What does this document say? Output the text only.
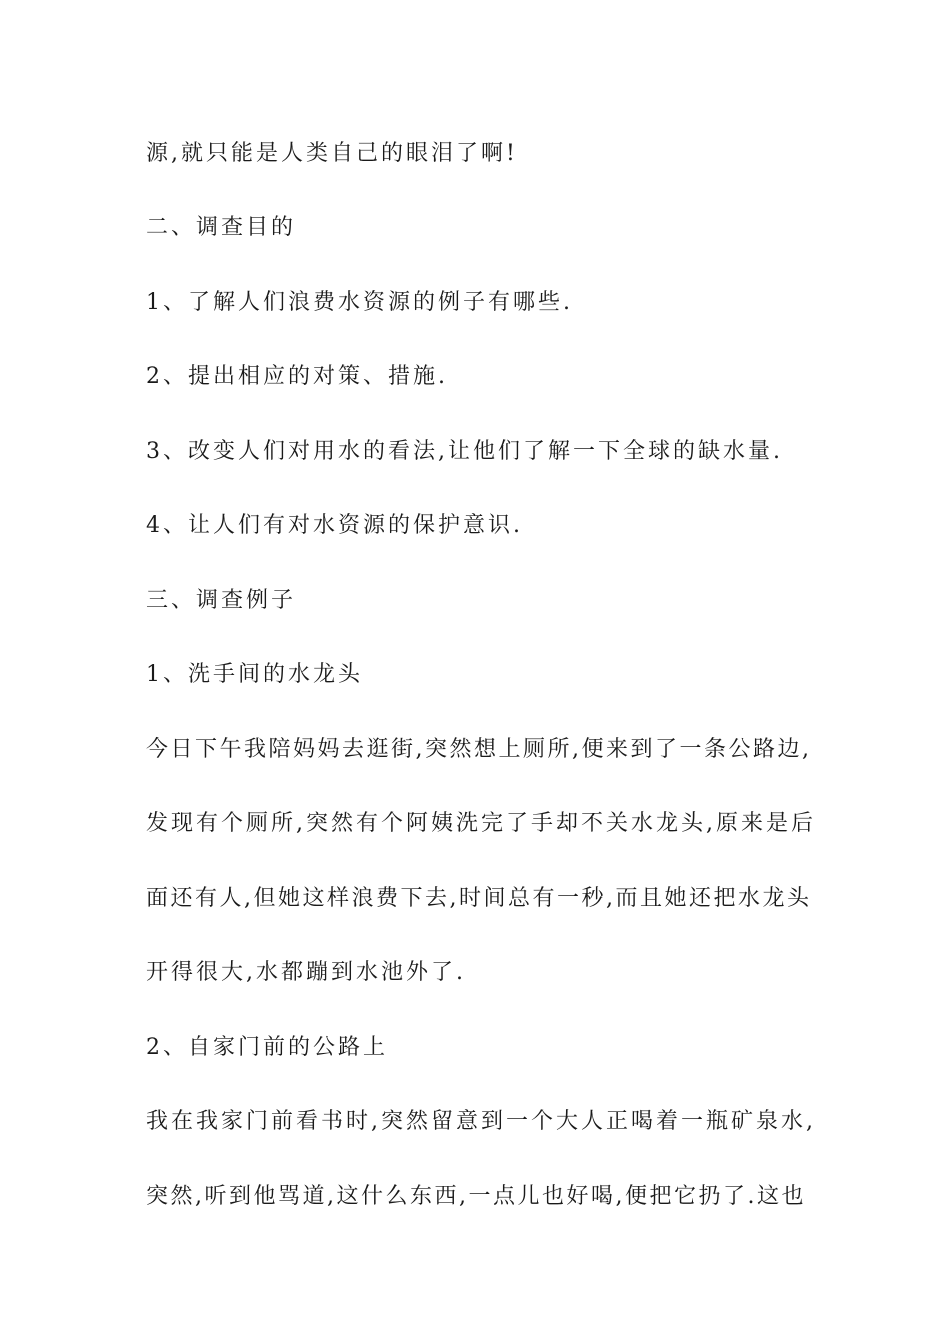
源,就只能是人类自己的眼泪了啊!
二、调查目的
1、了解人们浪费水资源的例子有哪些.
2、提出相应的对策、措施.
3、改变人们对用水的看法,让他们了解一下全球的缺水量.
4、让人们有对水资源的保护意识.
三、调查例子
1、洗手间的水龙头
今日下午我陪妈妈去逛街,突然想上厕所,便来到了一条公路边,
发现有个厕所,突然有个阿姨洗完了手却不关水龙头,原来是后
面还有人,但她这样浪费下去,时间总有一秒,而且她还把水龙头
开得很大,水都蹦到水池外了.
2、自家门前的公路上
我在我家门前看书时,突然留意到一个大人正喝着一瓶矿泉水,
突然,听到他骂道,这什么东西,一点儿也好喝,便把它扔了.这也
